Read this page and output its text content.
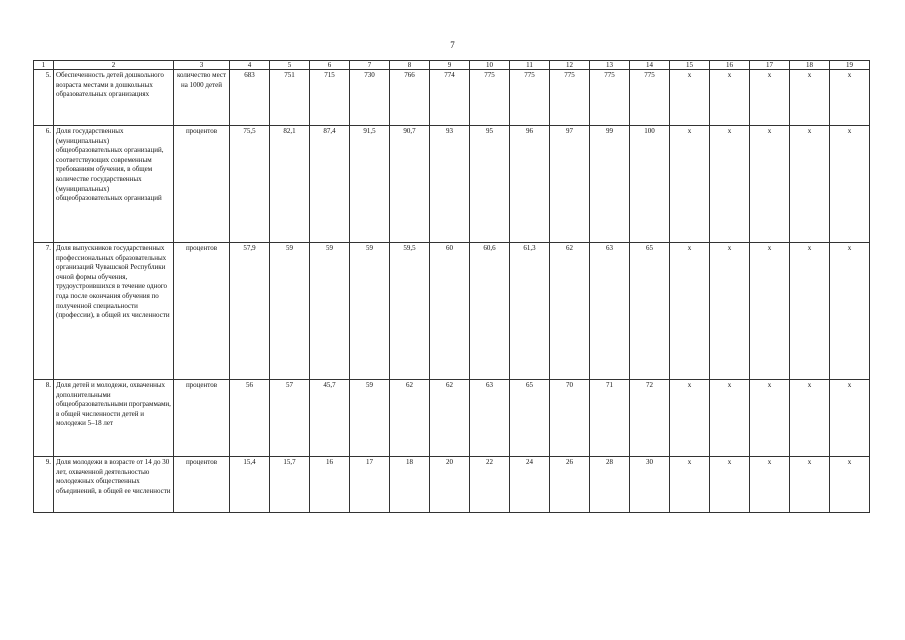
7
1	2	3	4	5	6	7	8	9	10	11	12	13	14	15	16	17	18	19
5.	Обеспеченность детей дошкольного возраста местами в дошкольных образовательных организациях	количество мест на 1000 детей	683	751	715	730	766	774	775	775	775	775	775	x	x	x	x	x
6.	Доля государственных (муниципальных) общеобразовательных организаций, соответствующих современным требованиям обучения, в общем количестве государственных (муниципальных) общеобразовательных организаций	процентов	75,5	82,1	87,4	91,5	90,7	93	95	96	97	99	100	x	x	x	x	x
7.	Доля выпускников государственных профессиональных образовательных организаций Чувашской Республики очной формы обучения, трудоустроившихся в течение одного года после окончания обучения по полученной специальности (профессии), в общей их численности	процентов	57,9	59	59	59	59,5	60	60,6	61,3	62	63	65	x	x	x	x	x
8.	Доля детей и молодежи, охваченных дополнительными общеобразовательными программами, в общей численности детей и молодежи 5–18 лет	процентов	56	57	45,7	59	62	62	63	65	70	71	72	x	x	x	x	x
9.	Доля молодежи в возрасте от 14 до 30 лет, охваченной деятельностью молодежных общественных объединений, в общей ее численности	процентов	15,4	15,7	16	17	18	20	22	24	26	28	30	x	x	x	x	x
